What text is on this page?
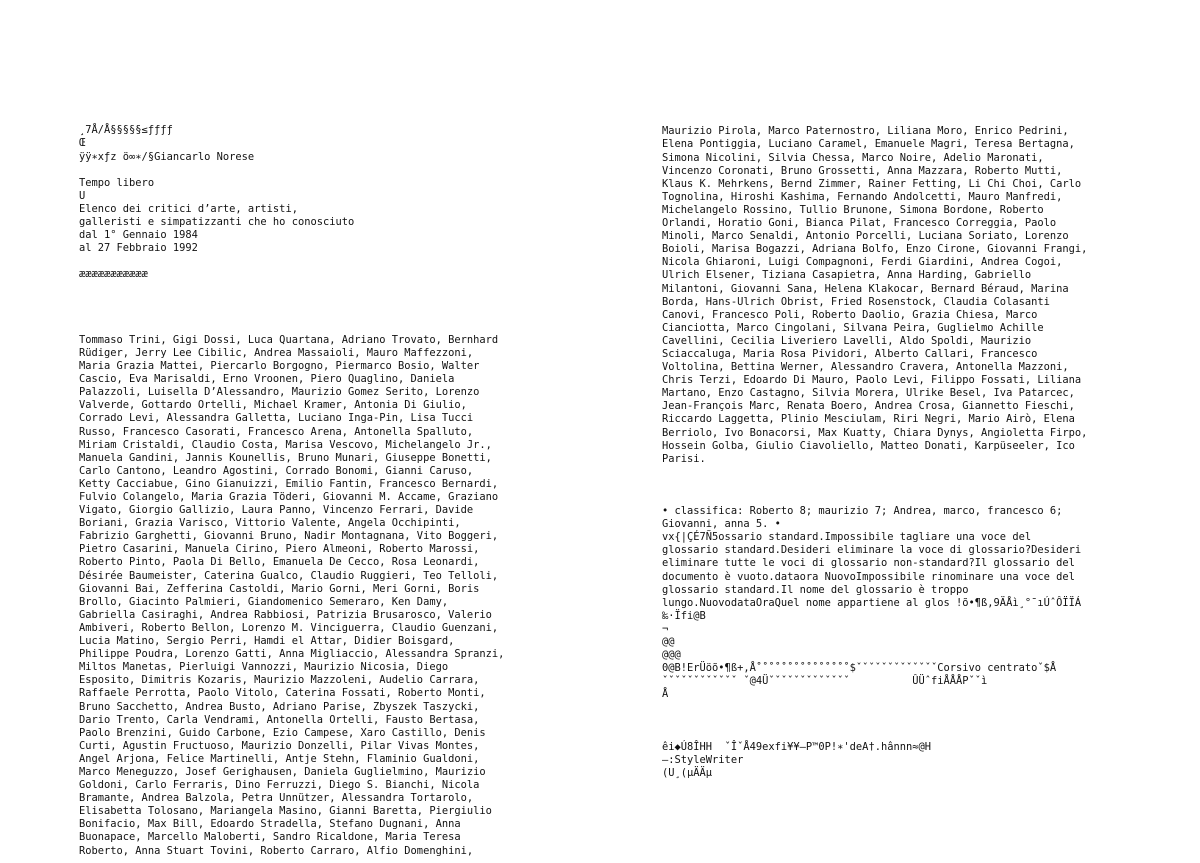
¸7Å/Å§§§§§≤ƒƒƒƒ
Œ
ÿÿ∗xƒz ö∞∗/§Giancarlo Norese
Tempo libero
U
Elenco dei critici d’arte, artisti,
galleristi e simpatizzanti che ho conosciuto
dal 1° Gennaio 1984
al 27 Febbraio 1992
æææææææææææ

Tommaso Trini, Gigi Dossi, Luca Quartana, Adriano Trovato, Bernhard
Rüdiger, Jerry Lee Cibilic, Andrea Massaioli, Mauro Maffezzoni,
Maria Grazia Mattei, Piercarlo Borgogno, Piermarco Bosio, Walter
Cascio, Eva Marisaldi, Erno Vroonen, Piero Quaglino, Daniela
Palazzoli, Luisella D’Alessandro, Maurizio Gomez Serito, Lorenzo
Valverde, Gottardo Ortelli, Michael Kramer, Antonia Di Giulio,
Corrado Levi, Alessandra Galletta, Luciano Inga-Pin, Lisa Tucci
Russo, Francesco Casorati, Francesco Arena, Antonella Spalluto,
Miriam Cristaldi, Claudio Costa, Marisa Vescovo, Michelangelo Jr.,
Manuela Gandini, Jannis Kounellis, Bruno Munari, Giuseppe Bonetti,
Carlo Cantono, Leandro Agostini, Corrado Bonomi, Gianni Caruso,
Ketty Cacciabue, Gino Gianuizzi, Emilio Fantin, Francesco Bernardi,
Fulvio Colangelo, Maria Grazia Töderi, Giovanni M. Accame, Graziano
Vigato, Giorgio Gallizio, Laura Panno, Vincenzo Ferrari, Davide
Boriani, Grazia Varisco, Vittorio Valente, Angela Occhipinti,
Fabrizio Garghetti, Giovanni Bruno, Nadir Montagnana, Vito Boggeri,
Pietro Casarini, Manuela Cirino, Piero Almeoni, Roberto Marossi,
Roberto Pinto, Paola Di Bello, Emanuela De Cecco, Rosa Leonardi,
Désirée Baumeister, Caterina Gualco, Claudio Ruggieri, Teo Telloli,
Giovanni Bai, Zefferina Castoldi, Mario Gorni, Meri Gorni, Boris
Brollo, Giacinto Palmieri, Giandomenico Semeraro, Ken Damy,
Gabriella Casiraghi, Andrea Rabbiosi, Patrizia Brusarosco, Valerio
Ambiveri, Roberto Bellon, Lorenzo M. Vinciguerra, Claudio Guenzani,
Lucia Matino, Sergio Perri, Hamdi el Attar, Didier Boisgard,
Philippe Poudra, Lorenzo Gatti, Anna Migliaccio, Alessandra Spranzi,
Miltos Manetas, Pierluigi Vannozzi, Maurizio Nicosia, Diego
Esposito, Dimitris Kozaris, Maurizio Mazzoleni, Audelio Carrara,
Raffaele Perrotta, Paolo Vitolo, Caterina Fossati, Roberto Monti,
Bruno Sacchetto, Andrea Busto, Adriano Parise, Zbyszek Taszycki,
Dario Trento, Carla Vendrami, Antonella Ortelli, Fausto Bertasa,
Paolo Brenzini, Guido Carbone, Ezio Campese, Xaro Castillo, Denis
Curti, Agustin Fructuoso, Maurizio Donzelli, Pilar Vivas Montes,
Angel Arjona, Felice Martinelli, Antje Stehn, Flaminio Gualdoni,
Marco Meneguzzo, Josef Gerighausen, Daniela Guglielmino, Maurizio
Goldoni, Carlo Ferraris, Dino Ferruzzi, Diego S. Bianchi, Nicola
Bramante, Andrea Balzola, Petra Unnützer, Alessandra Tortarolo,
Elisabetta Tolosano, Mariangela Masino, Gianni Baretta, Piergiulio
Bonifacio, Max Bill, Edoardo Stradella, Stefano Dugnani, Anna
Buonapace, Marcello Maloberti, Sandro Ricaldone, Maria Teresa
Roberto, Anna Stuart Tovini, Roberto Carraro, Alfio Domenghini,

Maurizio Pirola, Marco Paternostro, Liliana Moro, Enrico Pedrini,
Elena Pontiggia, Luciano Caramel, Emanuele Magri, Teresa Bertagna,
Simona Nicolini, Silvia Chessa, Marco Noire, Adelio Maronati,
Vincenzo Coronati, Bruno Grossetti, Anna Mazzara, Roberto Mutti,
Klaus K. Mehrkens, Bernd Zimmer, Rainer Fetting, Li Chi Choi, Carlo
Tognolina, Hiroshi Kashima, Fernando Andolcetti, Mauro Manfredi,
Michelangelo Rossino, Tullio Brunone, Simona Bordone, Roberto
Orlandi, Horatio Goni, Bianca Pilat, Francesco Correggia, Paolo
Minoli, Marco Senaldi, Antonio Porcelli, Luciana Soriato, Lorenzo
Boioli, Marisa Bogazzi, Adriana Bolfo, Enzo Cirone, Giovanni Frangi,
Nicola Ghiaroni, Luigi Compagnoni, Ferdi Giardini, Andrea Cogoi,
Ulrich Elsener, Tiziana Casapietra, Anna Harding, Gabriello
Milantoni, Giovanni Sana, Helena Klakocar, Bernard Béraud, Marina
Borda, Hans-Ulrich Obrist, Fried Rosenstock, Claudia Colasanti
Canovi, Francesco Poli, Roberto Daolio, Grazia Chiesa, Marco
Cianciotta, Marco Cingolani, Silvana Peira, Guglielmo Achille
Cavellini, Cecilia Liveriero Lavelli, Aldo Spoldi, Maurizio
Sciaccaluga, Maria Rosa Pividori, Alberto Callari, Francesco
Voltolina, Bettina Werner, Alessandro Cravera, Antonella Mazzoni,
Chris Terzi, Edoardo Di Mauro, Paolo Levi, Filippo Fossati, Liliana
Martano, Enzo Castagno, Silvia Morera, Ulrike Besel, Iva Patarcec,
Jean-François Marc, Renata Boero, Andrea Crosa, Giannetto Fieschi,
Riccardo Laggetta, Plinio Mesciulam, Riri Negri, Mario Airò, Elena
Berriolo, Ivo Bonacorsi, Max Kuatty, Chiara Dynys, Angioletta Firpo,
Hossein Golba, Giulio Ciavoliello, Matteo Donati, Karpüseeler, Ico
Parisi.

• classifica: Roberto 8; maurizio 7; Andrea, marco, francesco 6;
Giovanni, anna 5. •
vx{|ÇÉ7Ñ5ossario standard.Impossibile tagliare una voce del
glossario standard.Desideri eliminare la voce di glossario?Desideri
eliminare tutte le voci di glossario non-standard?Il glossario del
documento è vuoto.dataora NuovoImpossibile rinominare una voce del
glossario standard.Il nome del glossario è troppo
lungo.NuovodataOraQuel nome appartiene al glos !õ•¶ß,9ÄÅì¸°¯ıÚˆÔÏÏÁ
‰·Ïfi@B
¬
@@
@@@
0@B!ErÜöõ•¶ß+,Å˚˚˚˚˚˚˚˚˚˚˚˚˚˚˚$ˇˇˇˇˇˇˇˇˇˇˇˇˇCorsivo centratoˇ$Å
ˇˇˇˇˇˇˇˇˇˇˇˇ ˇ@4Üˇˇˇˇˇˇˇˇˇˇˇˇˇ          ÛÜˆfiÅÅÅPˇˇì
Å
êi◆Ú8ÎHH  ˇÎˇÅ49exfi¥¥—P™0P!∗'deA†.hânnn≈@H
–:StyleWriter
(U¸(µÄÄµ
